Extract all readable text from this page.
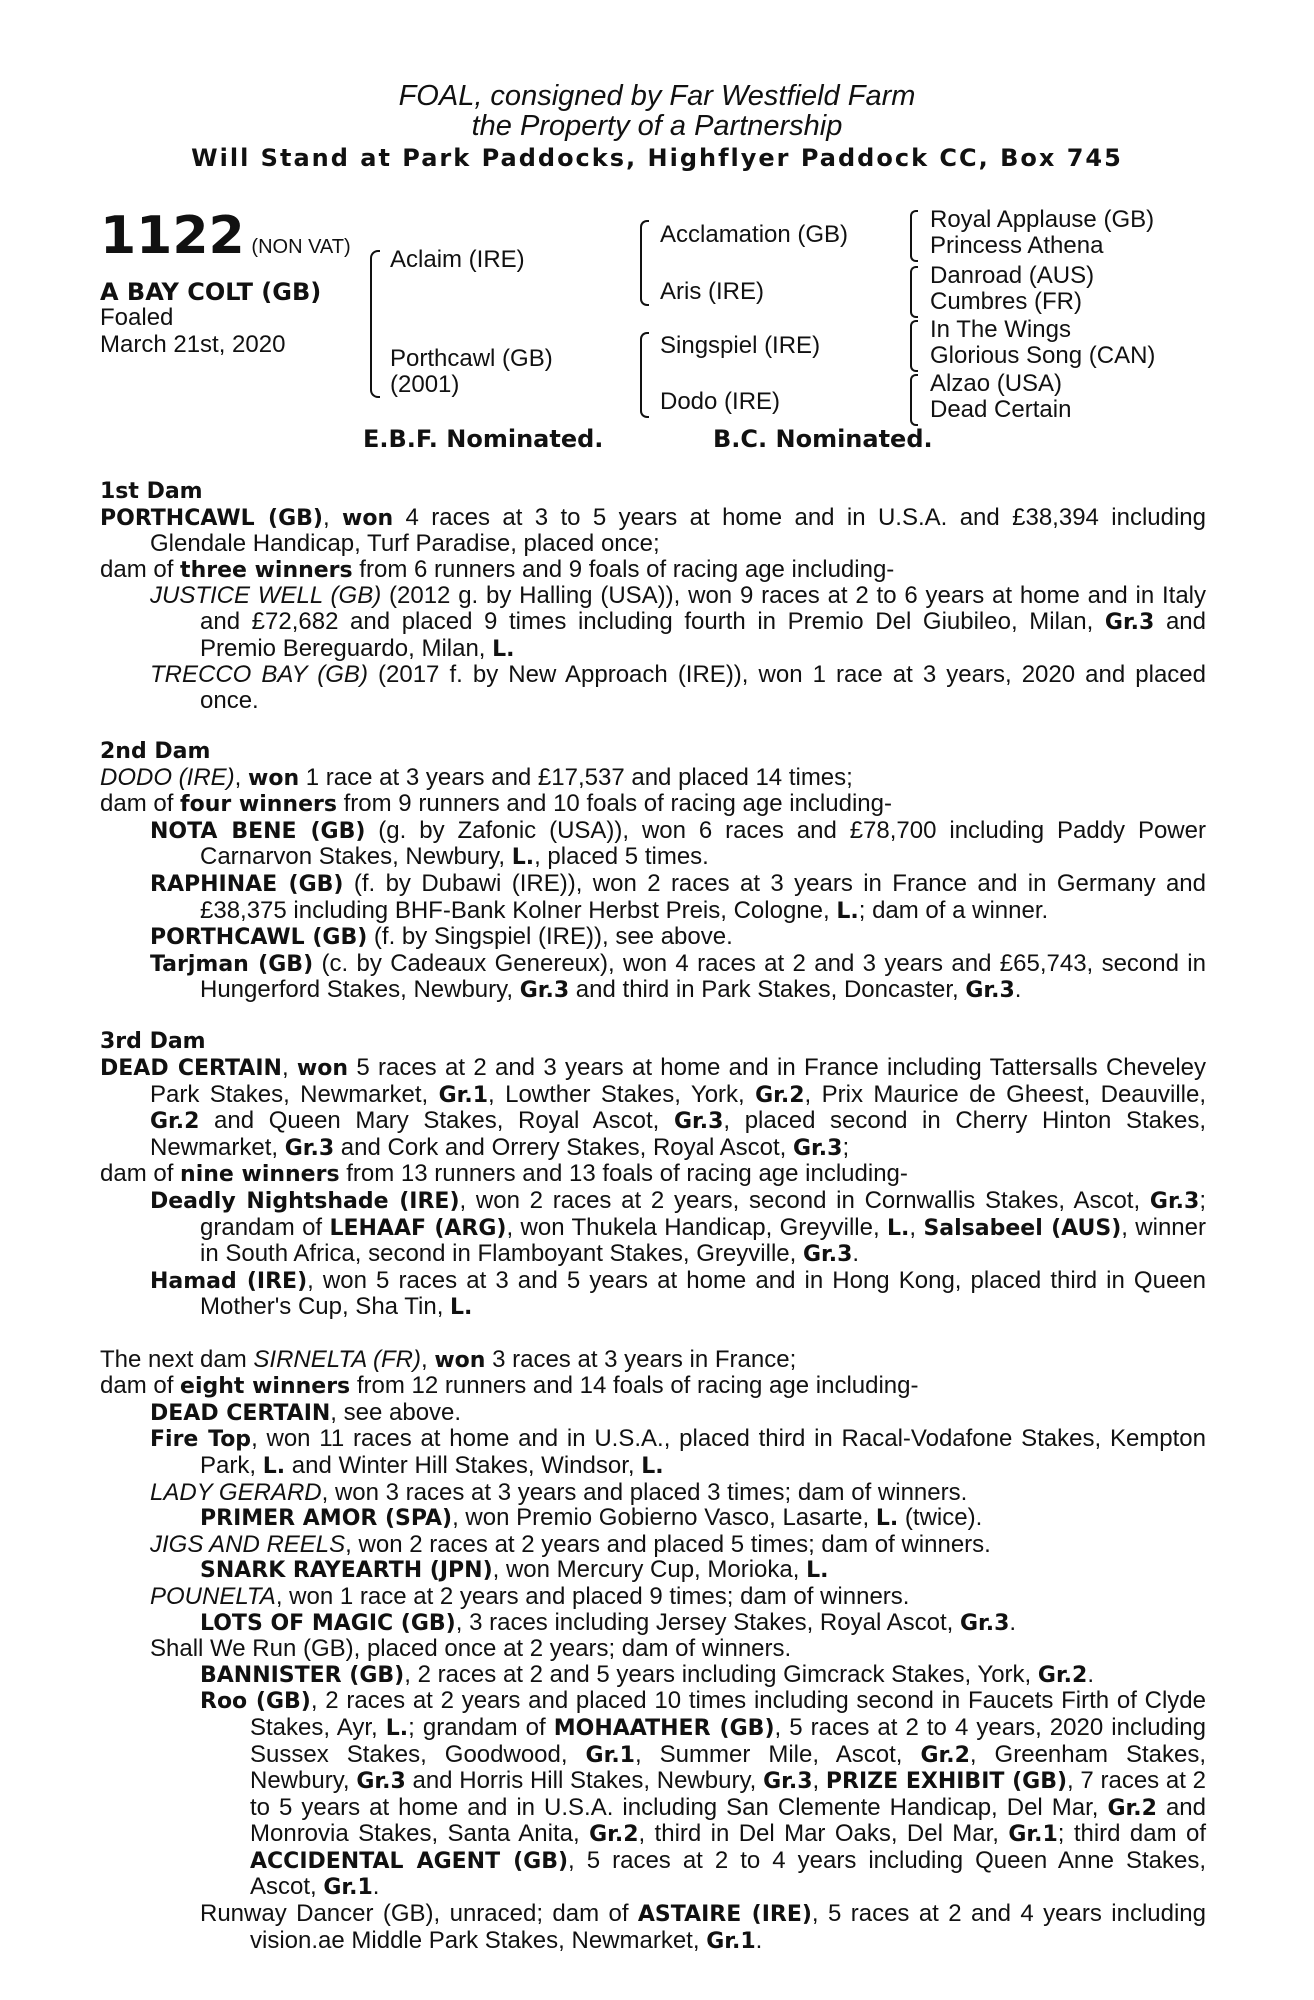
FOAL, consigned by Far Westfield Farm
the Property of a Partnership
Will Stand at Park Paddocks, Highflyer Paddock CC, Box 745
1122 (NON VAT)
A BAY COLT (GB)
Foaled
March 21st, 2020
Aclaim (IRE)
Porthcawl (GB)
(2001)
Acclamation (GB)
Aris (IRE)
Singspiel (IRE)
Dodo (IRE)
Royal Applause (GB)
Princess Athena
Danroad (AUS)
Cumbres (FR)
In The Wings
Glorious Song (CAN)
Alzao (USA)
Dead Certain
E.B.F. Nominated.	B.C. Nominated.
1st Dam
PORTHCAWL (GB), won 4 races at 3 to 5 years at home and in U.S.A. and £38,394 including Glendale Handicap, Turf Paradise, placed once;
dam of three winners from 6 runners and 9 foals of racing age including-
JUSTICE WELL (GB) (2012 g. by Halling (USA)), won 9 races at 2 to 6 years at home and in Italy and £72,682 and placed 9 times including fourth in Premio Del Giubileo, Milan, Gr.3 and Premio Bereguardo, Milan, L.
TRECCO BAY (GB) (2017 f. by New Approach (IRE)), won 1 race at 3 years, 2020 and placed once.
2nd Dam
DODO (IRE), won 1 race at 3 years and £17,537 and placed 14 times;
dam of four winners from 9 runners and 10 foals of racing age including-
NOTA BENE (GB) (g. by Zafonic (USA)), won 6 races and £78,700 including Paddy Power Carnarvon Stakes, Newbury, L., placed 5 times.
RAPHINAE (GB) (f. by Dubawi (IRE)), won 2 races at 3 years in France and in Germany and £38,375 including BHF-Bank Kolner Herbst Preis, Cologne, L.; dam of a winner.
PORTHCAWL (GB) (f. by Singspiel (IRE)), see above.
Tarjman (GB) (c. by Cadeaux Genereux), won 4 races at 2 and 3 years and £65,743, second in Hungerford Stakes, Newbury, Gr.3 and third in Park Stakes, Doncaster, Gr.3.
3rd Dam
DEAD CERTAIN, won 5 races at 2 and 3 years at home and in France including Tattersalls Cheveley Park Stakes, Newmarket, Gr.1, Lowther Stakes, York, Gr.2, Prix Maurice de Gheest, Deauville, Gr.2 and Queen Mary Stakes, Royal Ascot, Gr.3, placed second in Cherry Hinton Stakes, Newmarket, Gr.3 and Cork and Orrery Stakes, Royal Ascot, Gr.3;
dam of nine winners from 13 runners and 13 foals of racing age including-
Deadly Nightshade (IRE), won 2 races at 2 years, second in Cornwallis Stakes, Ascot, Gr.3; grandam of LEHAAF (ARG), won Thukela Handicap, Greyville, L., Salsabeel (AUS), winner in South Africa, second in Flamboyant Stakes, Greyville, Gr.3.
Hamad (IRE), won 5 races at 3 and 5 years at home and in Hong Kong, placed third in Queen Mother's Cup, Sha Tin, L.
The next dam SIRNELTA (FR), won 3 races at 3 years in France;
dam of eight winners from 12 runners and 14 foals of racing age including-
DEAD CERTAIN, see above.
Fire Top, won 11 races at home and in U.S.A., placed third in Racal-Vodafone Stakes, Kempton Park, L. and Winter Hill Stakes, Windsor, L.
LADY GERARD, won 3 races at 3 years and placed 3 times; dam of winners.
PRIMER AMOR (SPA), won Premio Gobierno Vasco, Lasarte, L. (twice).
JIGS AND REELS, won 2 races at 2 years and placed 5 times; dam of winners.
SNARK RAYEARTH (JPN), won Mercury Cup, Morioka, L.
POUNELTA, won 1 race at 2 years and placed 9 times; dam of winners.
LOTS OF MAGIC (GB), 3 races including Jersey Stakes, Royal Ascot, Gr.3.
Shall We Run (GB), placed once at 2 years; dam of winners.
BANNISTER (GB), 2 races at 2 and 5 years including Gimcrack Stakes, York, Gr.2.
Roo (GB), 2 races at 2 years and placed 10 times including second in Faucets Firth of Clyde Stakes, Ayr, L.; grandam of MOHAATHER (GB), 5 races at 2 to 4 years, 2020 including Sussex Stakes, Goodwood, Gr.1, Summer Mile, Ascot, Gr.2, Greenham Stakes, Newbury, Gr.3 and Horris Hill Stakes, Newbury, Gr.3, PRIZE EXHIBIT (GB), 7 races at 2 to 5 years at home and in U.S.A. including San Clemente Handicap, Del Mar, Gr.2 and Monrovia Stakes, Santa Anita, Gr.2, third in Del Mar Oaks, Del Mar, Gr.1; third dam of ACCIDENTAL AGENT (GB), 5 races at 2 to 4 years including Queen Anne Stakes, Ascot, Gr.1.
Runway Dancer (GB), unraced; dam of ASTAIRE (IRE), 5 races at 2 and 4 years including vision.ae Middle Park Stakes, Newmarket, Gr.1.
